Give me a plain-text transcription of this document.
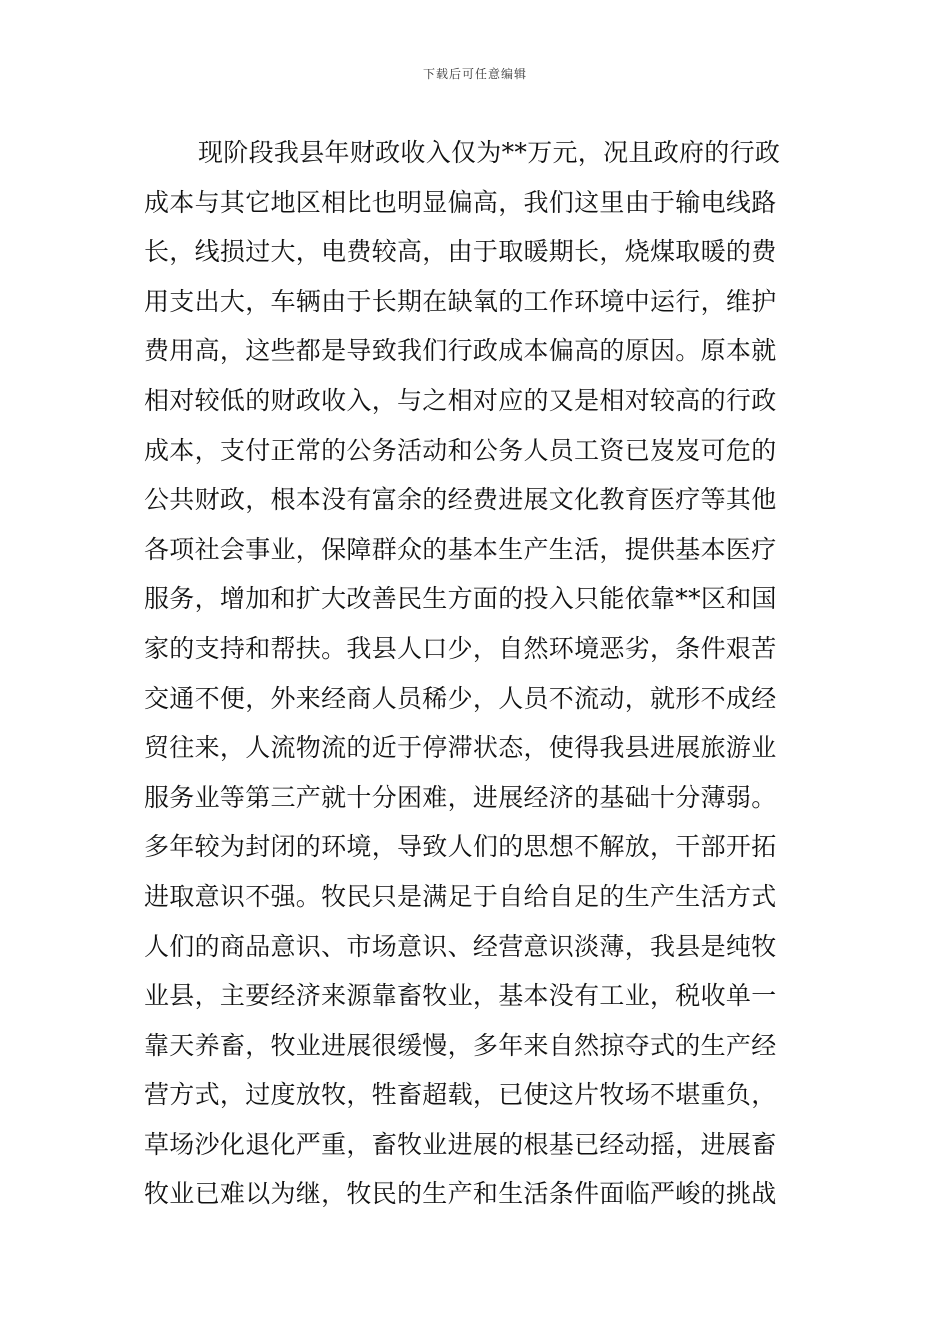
下载后可任意编辑
现阶段我县年财政收入仅为**万元，况且政府的行政
成本与其它地区相比也明显偏高，我们这里由于输电线路
长，线损过大，电费较高，由于取暖期长，烧煤取暖的费
用支出大，车辆由于长期在缺氧的工作环境中运行，维护
费用高，这些都是导致我们行政成本偏高的原因。原本就
相对较低的财政收入，与之相对应的又是相对较高的行政
成本，支付正常的公务活动和公务人员工资已岌岌可危的
公共财政，根本没有富余的经费进展文化教育医疗等其他
各项社会事业，保障群众的基本生产生活，提供基本医疗
服务，增加和扩大改善民生方面的投入只能依靠**区和国
家的支持和帮扶。我县人口少，自然环境恶劣，条件艰苦
交通不便，外来经商人员稀少，人员不流动，就形不成经
贸往来，人流物流的近于停滞状态，使得我县进展旅游业
服务业等第三产就十分困难，进展经济的基础十分薄弱。
多年较为封闭的环境，导致人们的思想不解放，干部开拓
进取意识不强。牧民只是满足于自给自足的生产生活方式
人们的商品意识、市场意识、经营意识淡薄，我县是纯牧
业县，主要经济来源靠畜牧业，基本没有工业，税收单一
靠天养畜，牧业进展很缓慢，多年来自然掠夺式的生产经
营方式，过度放牧，牲畜超载，已使这片牧场不堪重负，
草场沙化退化严重，畜牧业进展的根基已经动摇，进展畜
牧业已难以为继，牧民的生产和生活条件面临严峻的挑战
